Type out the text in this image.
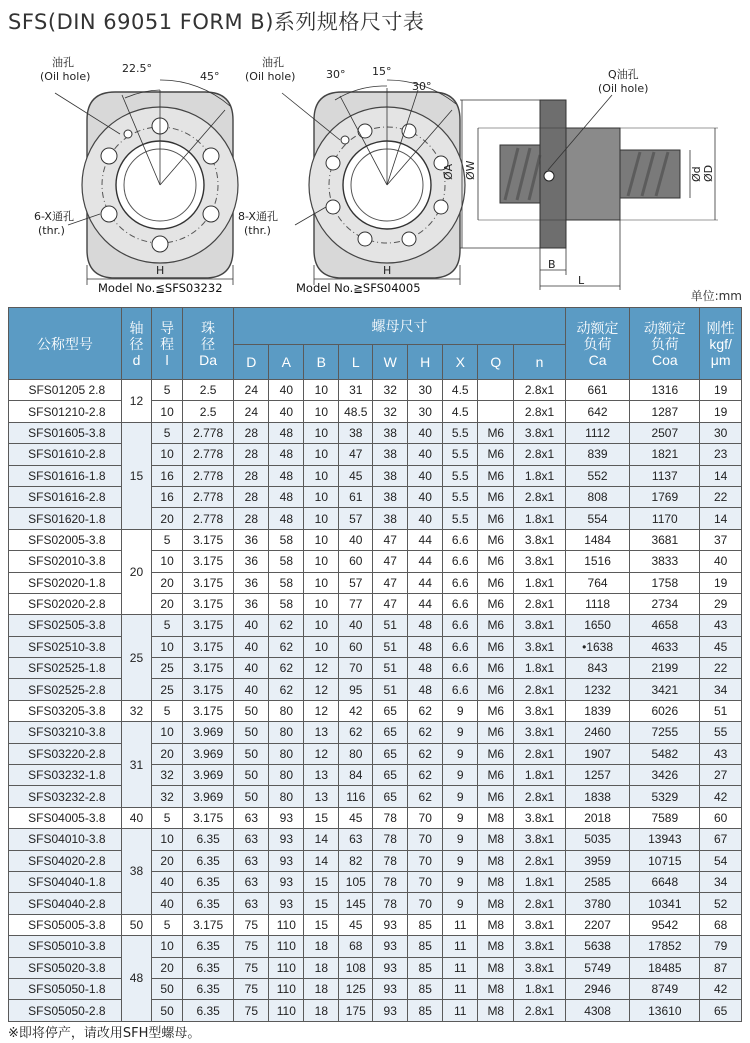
SFS(DIN 69051 FORM B)系列规格尺寸表
油孔
(Oil hole)
22.5°
45°
6-X通孔
(thr.)
H
Model No.≦SFS03232
油孔
(Oil hole)	30° 15°
30°
8-X通孔
(thr.)
H
Model No.≧SFS04005
Q油孔
(Oil hole)
ØA ØW	Ød ØD
B
L
单位:mm
公称型号	轴
径
d	导
程
l	珠
径
Da	螺母尺寸									动额定
负荷
Ca	动额定
负荷
Coa	刚性
kgf/
μm
				D	A	B	L	W	H	X	Q	n			
SFS01205 2.8	12	5	2.5	24	40	10	31	32	30	4.5		2.8x1	661	1316	19
SFS01210-2.8		10	2.5	24	40	10	48.5	32	30	4.5		2.8x1	642	1287	19
SFS01605-3.8	15	5	2.778	28	48	10	38	38	40	5.5	M6	3.8x1	1112	2507	30
SFS01610-2.8		10	2.778	28	48	10	47	38	40	5.5	M6	2.8x1	839	1821	23
SFS01616-1.8		16	2.778	28	48	10	45	38	40	5.5	M6	1.8x1	552	1137	14
SFS01616-2.8		16	2.778	28	48	10	61	38	40	5.5	M6	2.8x1	808	1769	22
SFS01620-1.8		20	2.778	28	48	10	57	38	40	5.5	M6	1.8x1	554	1170	14
SFS02005-3.8	20	5	3.175	36	58	10	40	47	44	6.6	M6	3.8x1	1484	3681	37
SFS02010-3.8		10	3.175	36	58	10	60	47	44	6.6	M6	3.8x1	1516	3833	40
SFS02020-1.8		20	3.175	36	58	10	57	47	44	6.6	M6	1.8x1	764	1758	19
SFS02020-2.8		20	3.175	36	58	10	77	47	44	6.6	M6	2.8x1	1118	2734	29
SFS02505-3.8	25	5	3.175	40	62	10	40	51	48	6.6	M6	3.8x1	1650	4658	43
SFS02510-3.8		10	3.175	40	62	10	60	51	48	6.6	M6	3.8x1	•1638	4633	45
SFS02525-1.8		25	3.175	40	62	12	70	51	48	6.6	M6	1.8x1	843	2199	22
SFS02525-2.8		25	3.175	40	62	12	95	51	48	6.6	M6	2.8x1	1232	3421	34
SFS03205-3.8	32	5	3.175	50	80	12	42	65	62	9	M6	3.8x1	1839	6026	51
SFS03210-3.8	31	10	3.969	50	80	13	62	65	62	9	M6	3.8x1	2460	7255	55
SFS03220-2.8		20	3.969	50	80	12	80	65	62	9	M6	2.8x1	1907	5482	43
SFS03232-1.8		32	3.969	50	80	13	84	65	62	9	M6	1.8x1	1257	3426	27
SFS03232-2.8		32	3.969	50	80	13	116	65	62	9	M6	2.8x1	1838	5329	42
SFS04005-3.8	40	5	3.175	63	93	15	45	78	70	9	M8	3.8x1	2018	7589	60
SFS04010-3.8	38	10	6.35	63	93	14	63	78	70	9	M8	3.8x1	5035	13943	67
SFS04020-2.8		20	6.35	63	93	14	82	78	70	9	M8	2.8x1	3959	10715	54
SFS04040-1.8		40	6.35	63	93	15	105	78	70	9	M8	1.8x1	2585	6648	34
SFS04040-2.8		40	6.35	63	93	15	145	78	70	9	M8	2.8x1	3780	10341	52
SFS05005-3.8	50	5	3.175	75	110	15	45	93	85	11	M8	3.8x1	2207	9542	68
SFS05010-3.8	48	10	6.35	75	110	18	68	93	85	11	M8	3.8x1	5638	17852	79
SFS05020-3.8		20	6.35	75	110	18	108	93	85	11	M8	3.8x1	5749	18485	87
SFS05050-1.8		50	6.35	75	110	18	125	93	85	11	M8	1.8x1	2946	8749	42
SFS05050-2.8		50	6.35	75	110	18	175	93	85	11	M8	2.8x1	4308	13610	65
※即将停产，请改用SFH型螺母。
